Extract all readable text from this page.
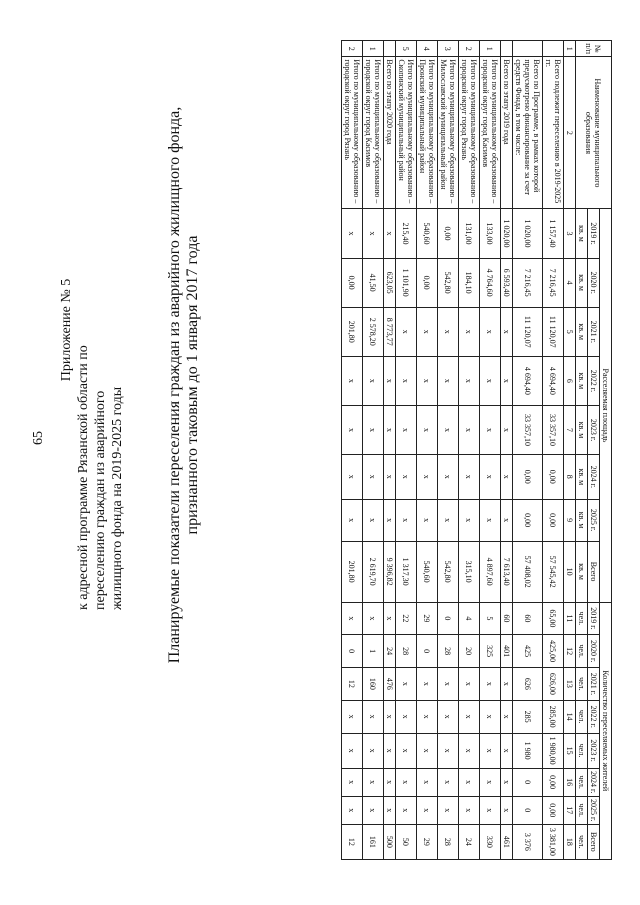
65
Приложение № 5
к адресной программе Рязанской области по переселению граждан из аварийного жилищного фонда на 2019-2025 годы	Планируемые показатели переселения граждан из аварийного жилищного фонда, признанного таковым до 1 января 2017 года
№ п/п	Наименование муниципального образования	Расселяемая площадь								Количество переселяемых жителей							
		2019 г.	2020 г.	2021 г.	2022 г.	2023 г.	2024 г.	2025 г.	Всего	2019 г.	2020 г.	2021 г.	2022 г.	2023 г.	2024 г.	2025 г.	Всего
		кв. м	кв. м	кв. м	кв. м	кв. м	кв. м	кв. м	кв. м	чел.	чел.	чел.	чел.	чел.	чел.	чел.	чел.
1	2	3	4	5	6	7	8	9	10	11	12	13	14	15	16	17	18
	Всего подлежит переселению в 2019-2025 гг.	1 157,40	7 216,45	11 120,07	4 694,40	33 357,10	0,00	0,00	57 545,42	65,00	425,00	626,00	285,00	1 980,00	0,00	0,00	3 381,00
	Всего по Программе, в рамках которой предусмотрено финансирование за счет средств Фонда, в том числе:	1 020,00	7 216,45	11 120,07	4 694,40	33 357,10	0,00	0,00	57 408,02	60	425	626	285	1 980	0	0	3 376
	Всего по этапу 2019 года	1 020,00	6 593,40	х	х	х	х	х	7 613,40	60	401	х	х	х	х	х	461
1	Итого по муниципальному образованию – городской округ город Касимов	133,00	4 764,60	х	х	х	х	х	4 897,60	5	325	х	х	х	х	х	330
2	Итого по муниципальному образованию – городской округ город Рязань	131,00	184,10	х	х	х	х	х	315,10	4	20	х	х	х	х	х	24
3	Итого по муниципальному образованию – Милославский муниципальный район	0,00	542,80	х	х	х	х	х	542,80	0	28	х	х	х	х	х	28
4	Итого по муниципальному образованию – Пронский муниципальный район	540,60	0,00	х	х	х	х	х	540,60	29	0	х	х	х	х	х	29
5	Итого по муниципальному образованию – Скопинский муниципальный район	215,40	1 101,90	х	х	х	х	х	1 317,30	22	28	х	х	х	х	х	50
	Всего по этапу 2020 года	х	623,05	8 773,77	х	х	х	х	9 396,82	х	24	476	х	х	х	х	500
1	Итого по муниципальному образованию – городской округ город Касимов	х	41,50	2 578,20	х	х	х	х	2 619,70	х	1	160	х	х	х	х	161
2	Итого по муниципальному образованию – городской округ город Рязань	х	0,00	201,80	х	х	х	х	201,80	х	0	12	х	х	х	х	12
